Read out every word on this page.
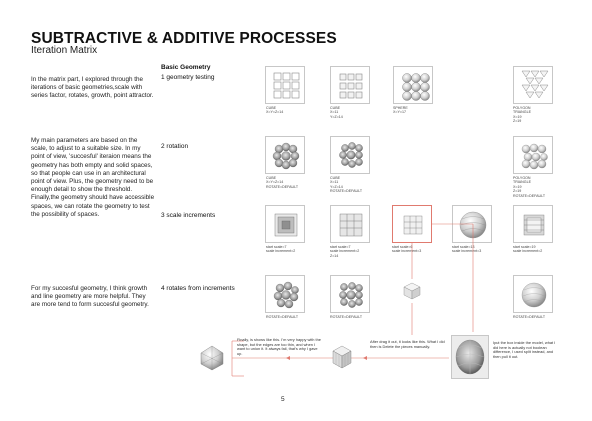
SUBTRACTIVE & ADDITIVE PROCESSES
Iteration Matrix
In the matrix part, I explored through the iterations of basic geometries,scale with series factor, rotates, growth, point attractor.
My main parameters are based on the scale, to adjust to a suitable size. In my point of view, 'succesful' iteraion means the geometry has both empty and solid spaces, so that people can use in an architectural point of view. Plus, the geometry need to be enough detail to show the threshold. Finally,the geometry should have accessible spaces, we can rotate the geometry to test the possibility of spaces.
For my succesful geometry, I think growth and line geometry are more helpful. They are more tend to form succesful geometry.
Basic Geometry
1 geometry testing
2 rotation
3 scale increments
4 rotates from increments
CUBE
X=Y=Z=14
CUBE
X=11
Y=Z=14
SPHERE
X=Y=17
POLYGON
TRIANGLE
X=19
Z=19
CUBE
X=Y=Z=14
ROTATE=DEFAULT
CUBE
X=11
Y=Z=14
ROTATE=DEFAULT
POLYGON
TRIANGLE
X=19
Z=19
ROTATE=DEFAULT
start scale=7
scale increment=2
start scale=7
scale increment=2
Z=14
start scale=6
scale increment=3
start scale=13
scale increment=3
start scale=19
scale increment=2
ROTATE=DEFAULT	ROTATE=DEFAULT	ROTATE=DEFAULT
Finally, is shows like this. I'm very happy with the shape, but the edges are too thin, and when I want to union it. It always fail, that's why I gave up.
After drag it out, it looks like this. What I did then is Delete the pieces manually.
Iput the box inside the model, what I did here is actually not boolean difference, I used split instead, and then pull it out.
5
